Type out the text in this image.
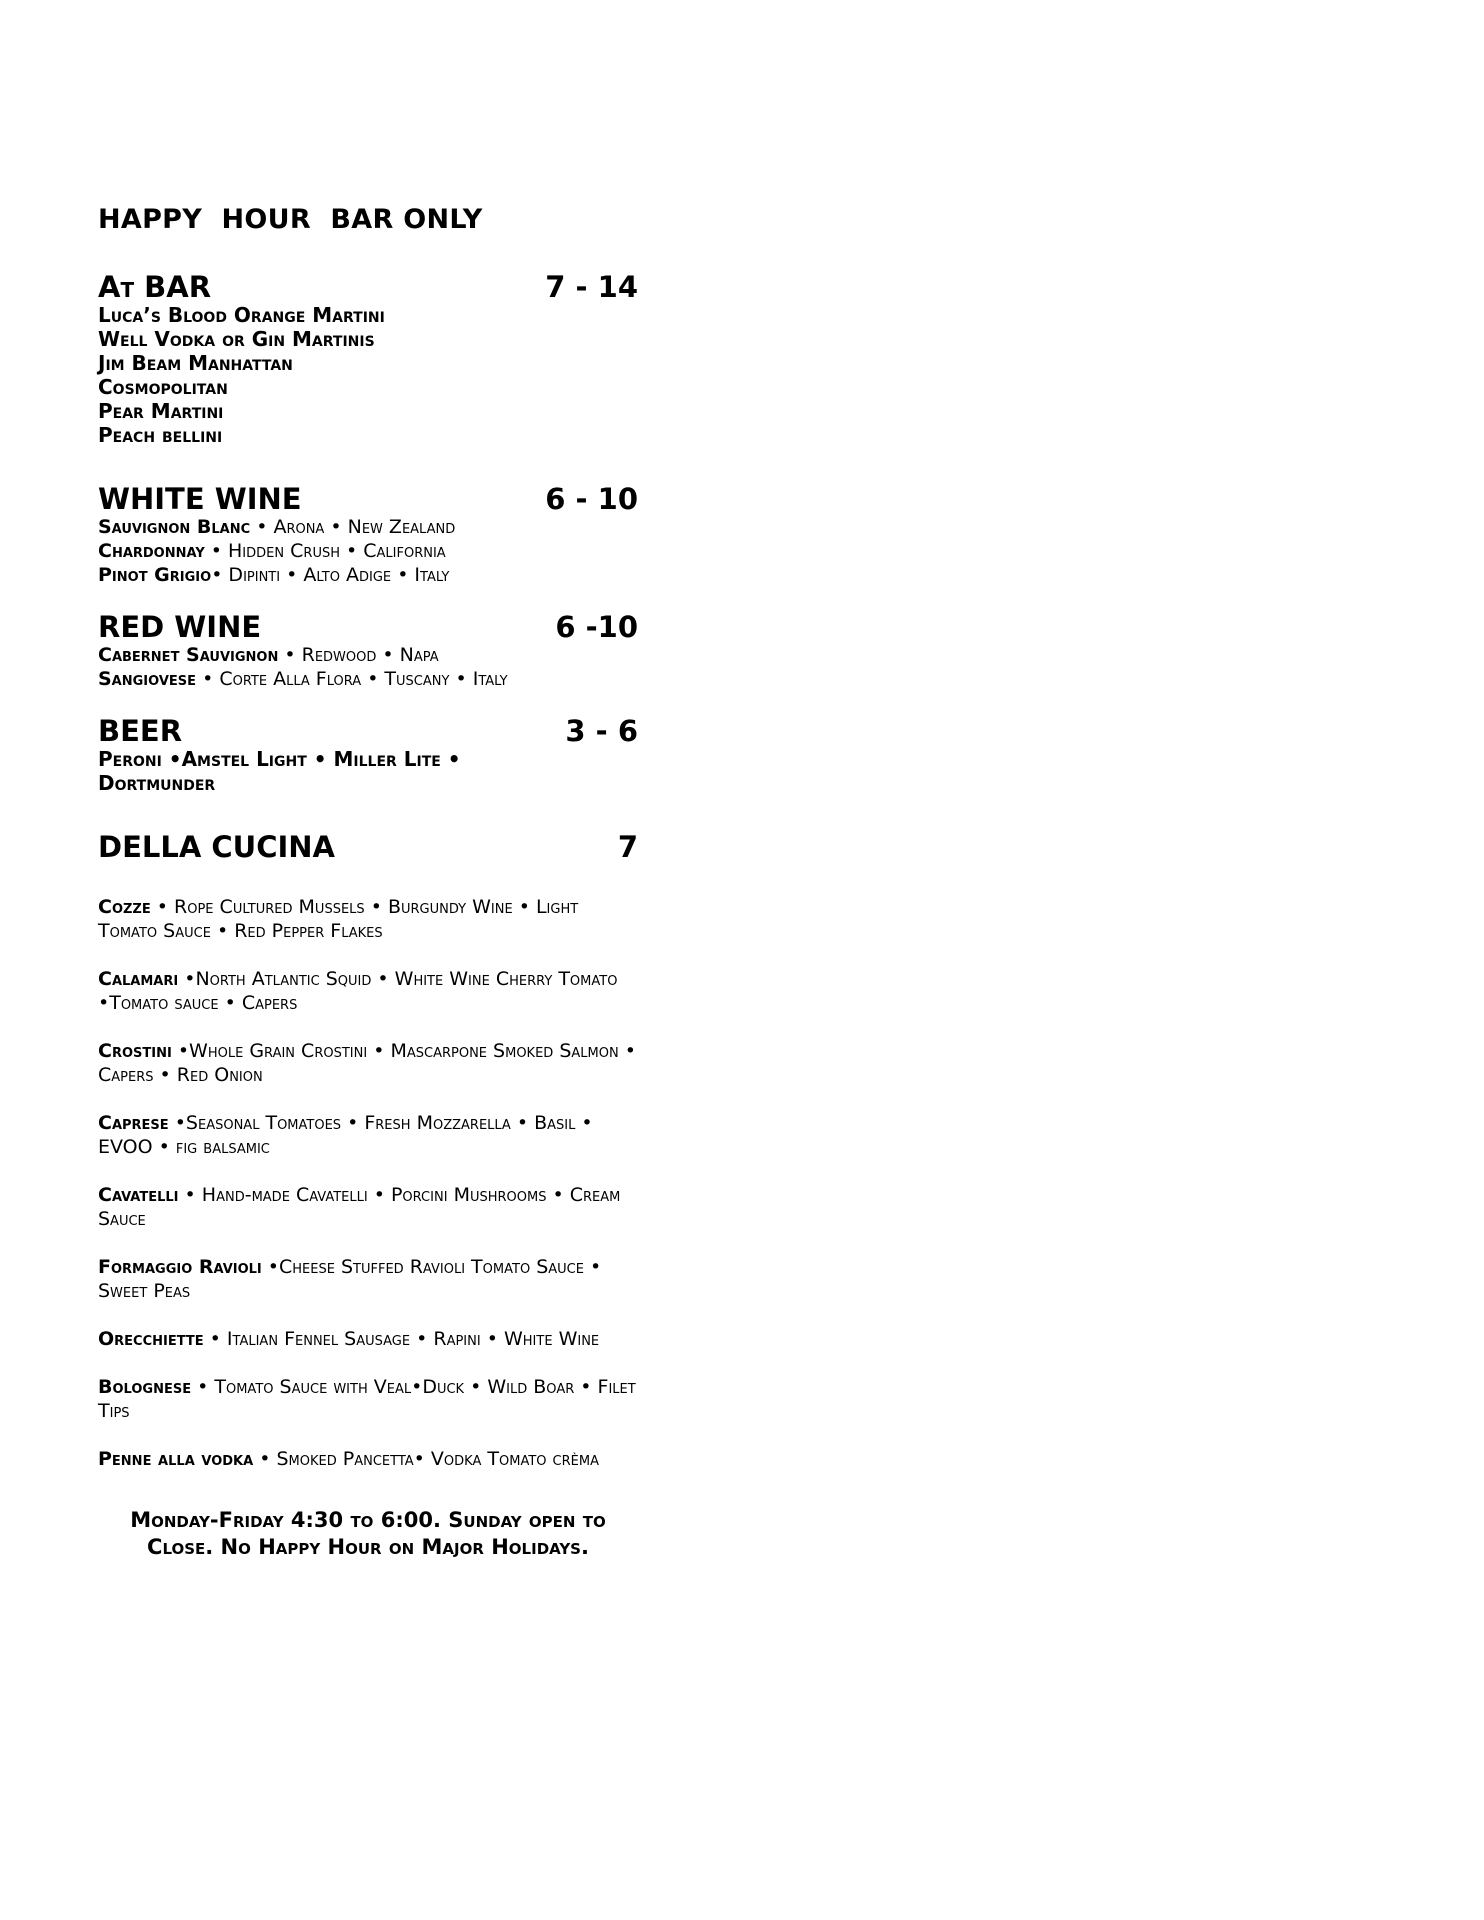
HAPPY  HOUR  BAR ONLY
At BAR	7 - 14
Luca’s Blood Orange Martini
Well Vodka or Gin Martinis
Jim Beam Manhattan
Cosmopolitan
Pear Martini
Peach bellini
WHITE WINE	6 - 10
Sauvignon Blanc • Arona • New Zealand
Chardonnay • Hidden Crush • California
Pinot Grigio• Dipinti • Alto Adige • Italy
RED WINE	6 -10
Cabernet Sauvignon • Redwood • Napa
Sangiovese • Corte Alla Flora • Tuscany • Italy
BEER	3 - 6
Peroni •Amstel Light • Miller Lite • Dortmunder
DELLA CUCINA	7
Cozze • Rope Cultured Mussels • Burgundy Wine • Light Tomato Sauce • Red Pepper Flakes
Calamari •North Atlantic Squid • White Wine Cherry Tomato •Tomato sauce • Capers
Crostini •Whole Grain Crostini • Mascarpone Smoked Salmon • Capers • Red Onion
Caprese •Seasonal Tomatoes • Fresh Mozzarella • Basil • EVOO • fig balsamic
Cavatelli • Hand-made Cavatelli • Porcini Mushrooms • Cream Sauce
Formaggio Ravioli •Cheese Stuffed Ravioli Tomato Sauce • Sweet Peas
Orecchiette • Italian Fennel Sausage • Rapini • White Wine
Bolognese • Tomato Sauce with Veal•Duck • Wild Boar • Filet Tips
Penne alla vodka • Smoked Pancetta• Vodka Tomato crèma
Monday-Friday 4:30 to 6:00. Sunday open to Close. No Happy Hour on Major Holidays.
